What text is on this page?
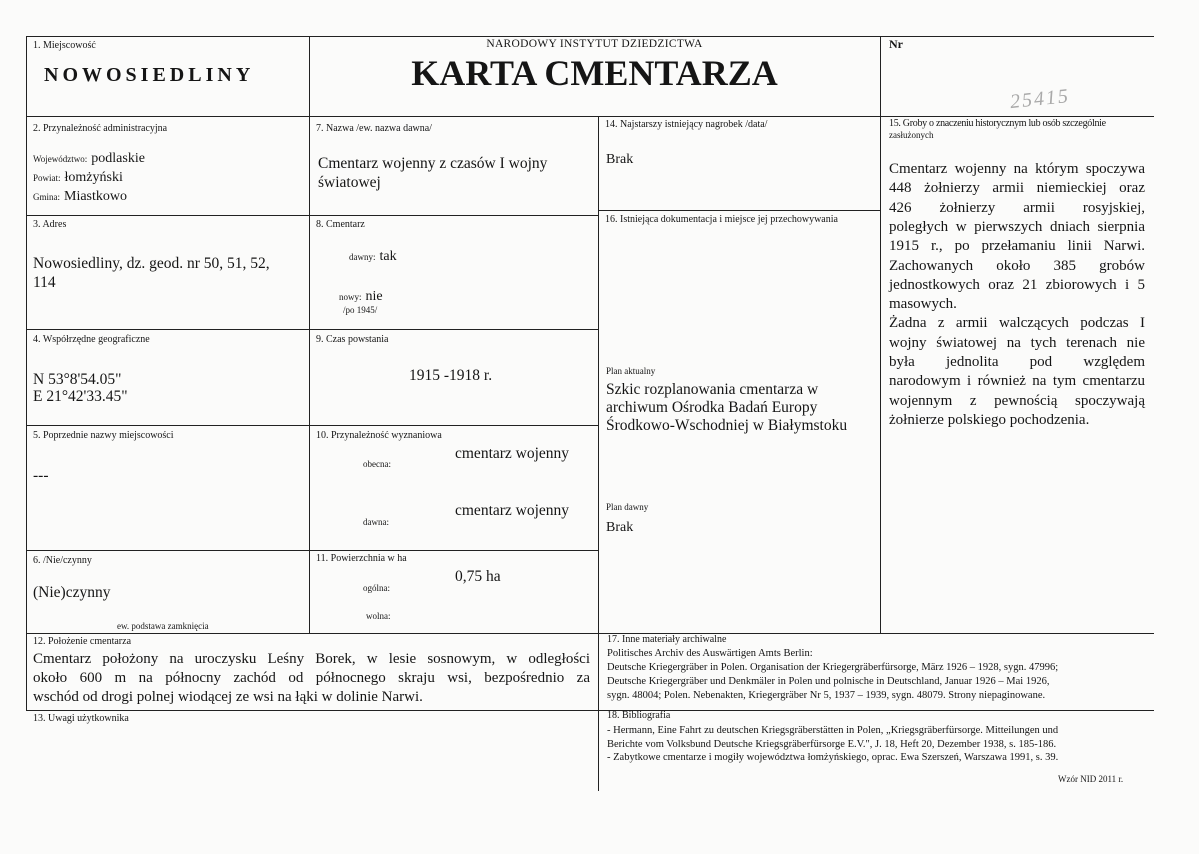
1. Miejscowość
NOWOSIEDLINY
NARODOWY INSTYTUT DZIEDZICTWA
KARTA CMENTARZA
Nr
25415
2. Przynależność administracyjna
Województwo: podlaskie
Powiat: łomżyński
Gmina: Miastkowo
3. Adres
Nowosiedliny, dz. geod. nr 50, 51, 52,
114
4. Współrzędne geograficzne
N 53°8'54.05"
E 21°42'33.45"
5. Poprzednie nazwy miejscowości
---
6. /Nie/czynny
(Nie)czynny
ew. podstawa zamknięcia
7. Nazwa /ew. nazwa dawna/
Cmentarz wojenny z czasów I wojny
światowej
8. Cmentarz
dawny: tak
nowy: nie
/po 1945/
9. Czas powstania
1915 -1918 r.
10. Przynależność wyznaniowa
cmentarz wojenny
obecna:
cmentarz wojenny
dawna:
11. Powierzchnia w ha
0,75 ha
ogólna:
wolna:
14. Najstarszy istniejący nagrobek /data/
Brak
16. Istniejąca dokumentacja i miejsce jej przechowywania
Plan aktualny
Szkic rozplanowania cmentarza w
archiwum Ośrodka Badań Europy
Środkowo-Wschodniej w Białymstoku
Plan dawny
Brak
15. Groby o znaczeniu historycznym lub osób szczególnie
zasłużonych
Cmentarz wojenny na którym spoczywa
448 żołnierzy armii niemieckiej oraz
426 żołnierzy armii rosyjskiej,
poległych w pierwszych dniach sierpnia
1915 r., po przełamaniu linii Narwi.
Zachowanych około 385 grobów
jednostkowych oraz 21 zbiorowych i 5
masowych.
Żadna z armii walczących podczas I
wojny światowej na tych terenach nie
była jednolita pod względem
narodowym i również na tym cmentarzu
wojennym z pewnością spoczywają
żołnierze polskiego pochodzenia.
12. Położenie cmentarza
Cmentarz położony na uroczysku Leśny Borek, w lesie sosnowym, w odległości
około 600 m na północny zachód od północnego skraju wsi, bezpośrednio za
wschód od drogi polnej wiodącej ze wsi na łąki w dolinie Narwi.
13. Uwagi użytkownika
17. Inne materiały archiwalne
Politisches Archiv des Auswärtigen Amts Berlin:
Deutsche Kriegergräber in Polen. Organisation der Kriegergräberfürsorge, März 1926 – 1928, sygn. 47996;
Deutsche Kriegergräber und Denkmäler in Polen und polnische in Deutschland, Januar 1926 – Mai 1926,
sygn. 48004; Polen. Nebenakten, Kriegergräber Nr 5, 1937 – 1939, sygn. 48079. Strony niepaginowane.
18. Bibliografia
- Hermann, Eine Fahrt zu deutschen Kriegsgräberstätten in Polen, „Kriegsgräberfürsorge. Mitteilungen und
Berichte vom Volksbund Deutsche Kriegsgräberfürsorge E.V.", J. 18, Heft 20, Dezember 1938, s. 185-186.
- Zabytkowe cmentarze i mogiły województwa łomżyńskiego, oprac. Ewa Szerszeń, Warszawa 1991, s. 39.
Wzór NID 2011 r.
